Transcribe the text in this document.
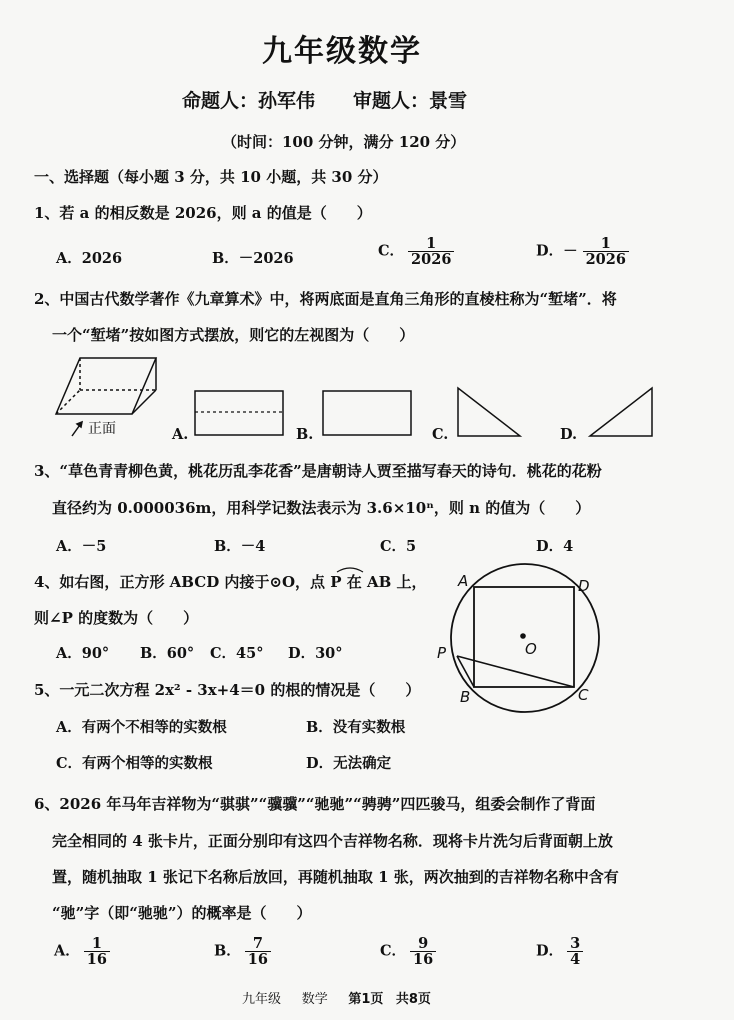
九年级数学
命题人：孙军伟　　审题人：景雪
（时间：100 分钟，满分 120 分）
一、选择题（每小题 3 分，共 10 小题，共 30 分）
1、若 a 的相反数是 2026，则 a 的值是（　　）
A．2026	B．－2026	C． $\frac{1}{2026}$	D．－ $\frac{1}{2026}$
2、中国古代数学著作《九章算术》中，将两底面是直角三角形的直棱柱称为“堑堵”．将
一个“堑堵”按如图方式摆放，则它的左视图为（　　）
正面	A.	B.	C.	D.
3、“草色青青柳色黄，桃花历乱李花香”是唐朝诗人贾至描写春天的诗句．桃花的花粉
直径约为 0.000036m，用科学记数法表示为 3.6×10ⁿ，则 n 的值为（　　）
A．－5	B．－4	C．5	D．4
4、如右图，正方形 ABCD 内接于⊙O，点 P 在 AB 上，
则∠P 的度数为（　　）
A．90° B．60° C．45° D．30°
A	D
O
P
B	C
5、一元二次方程 2x² - 3x+4＝0 的根的情况是（　　）
A．有两个不相等的实数根	B．没有实数根
C．有两个相等的实数根	D．无法确定
6、2026 年马年吉祥物为“骐骐”“骥骥”“驰驰”“骋骋”四匹骏马，组委会制作了背面
完全相同的 4 张卡片，正面分别印有这四个吉祥物名称．现将卡片洗匀后背面朝上放
置，随机抽取 1 张记下名称后放回，再随机抽取 1 张，两次抽到的吉祥物名称中含有
“驰”字（即“驰驰”）的概率是（　　）
A． $\frac{1}{16}$	B． $\frac{7}{16}$	C． $\frac{9}{16}$	D． $\frac{3}{4}$
九年级 数学 第1页 共8页
